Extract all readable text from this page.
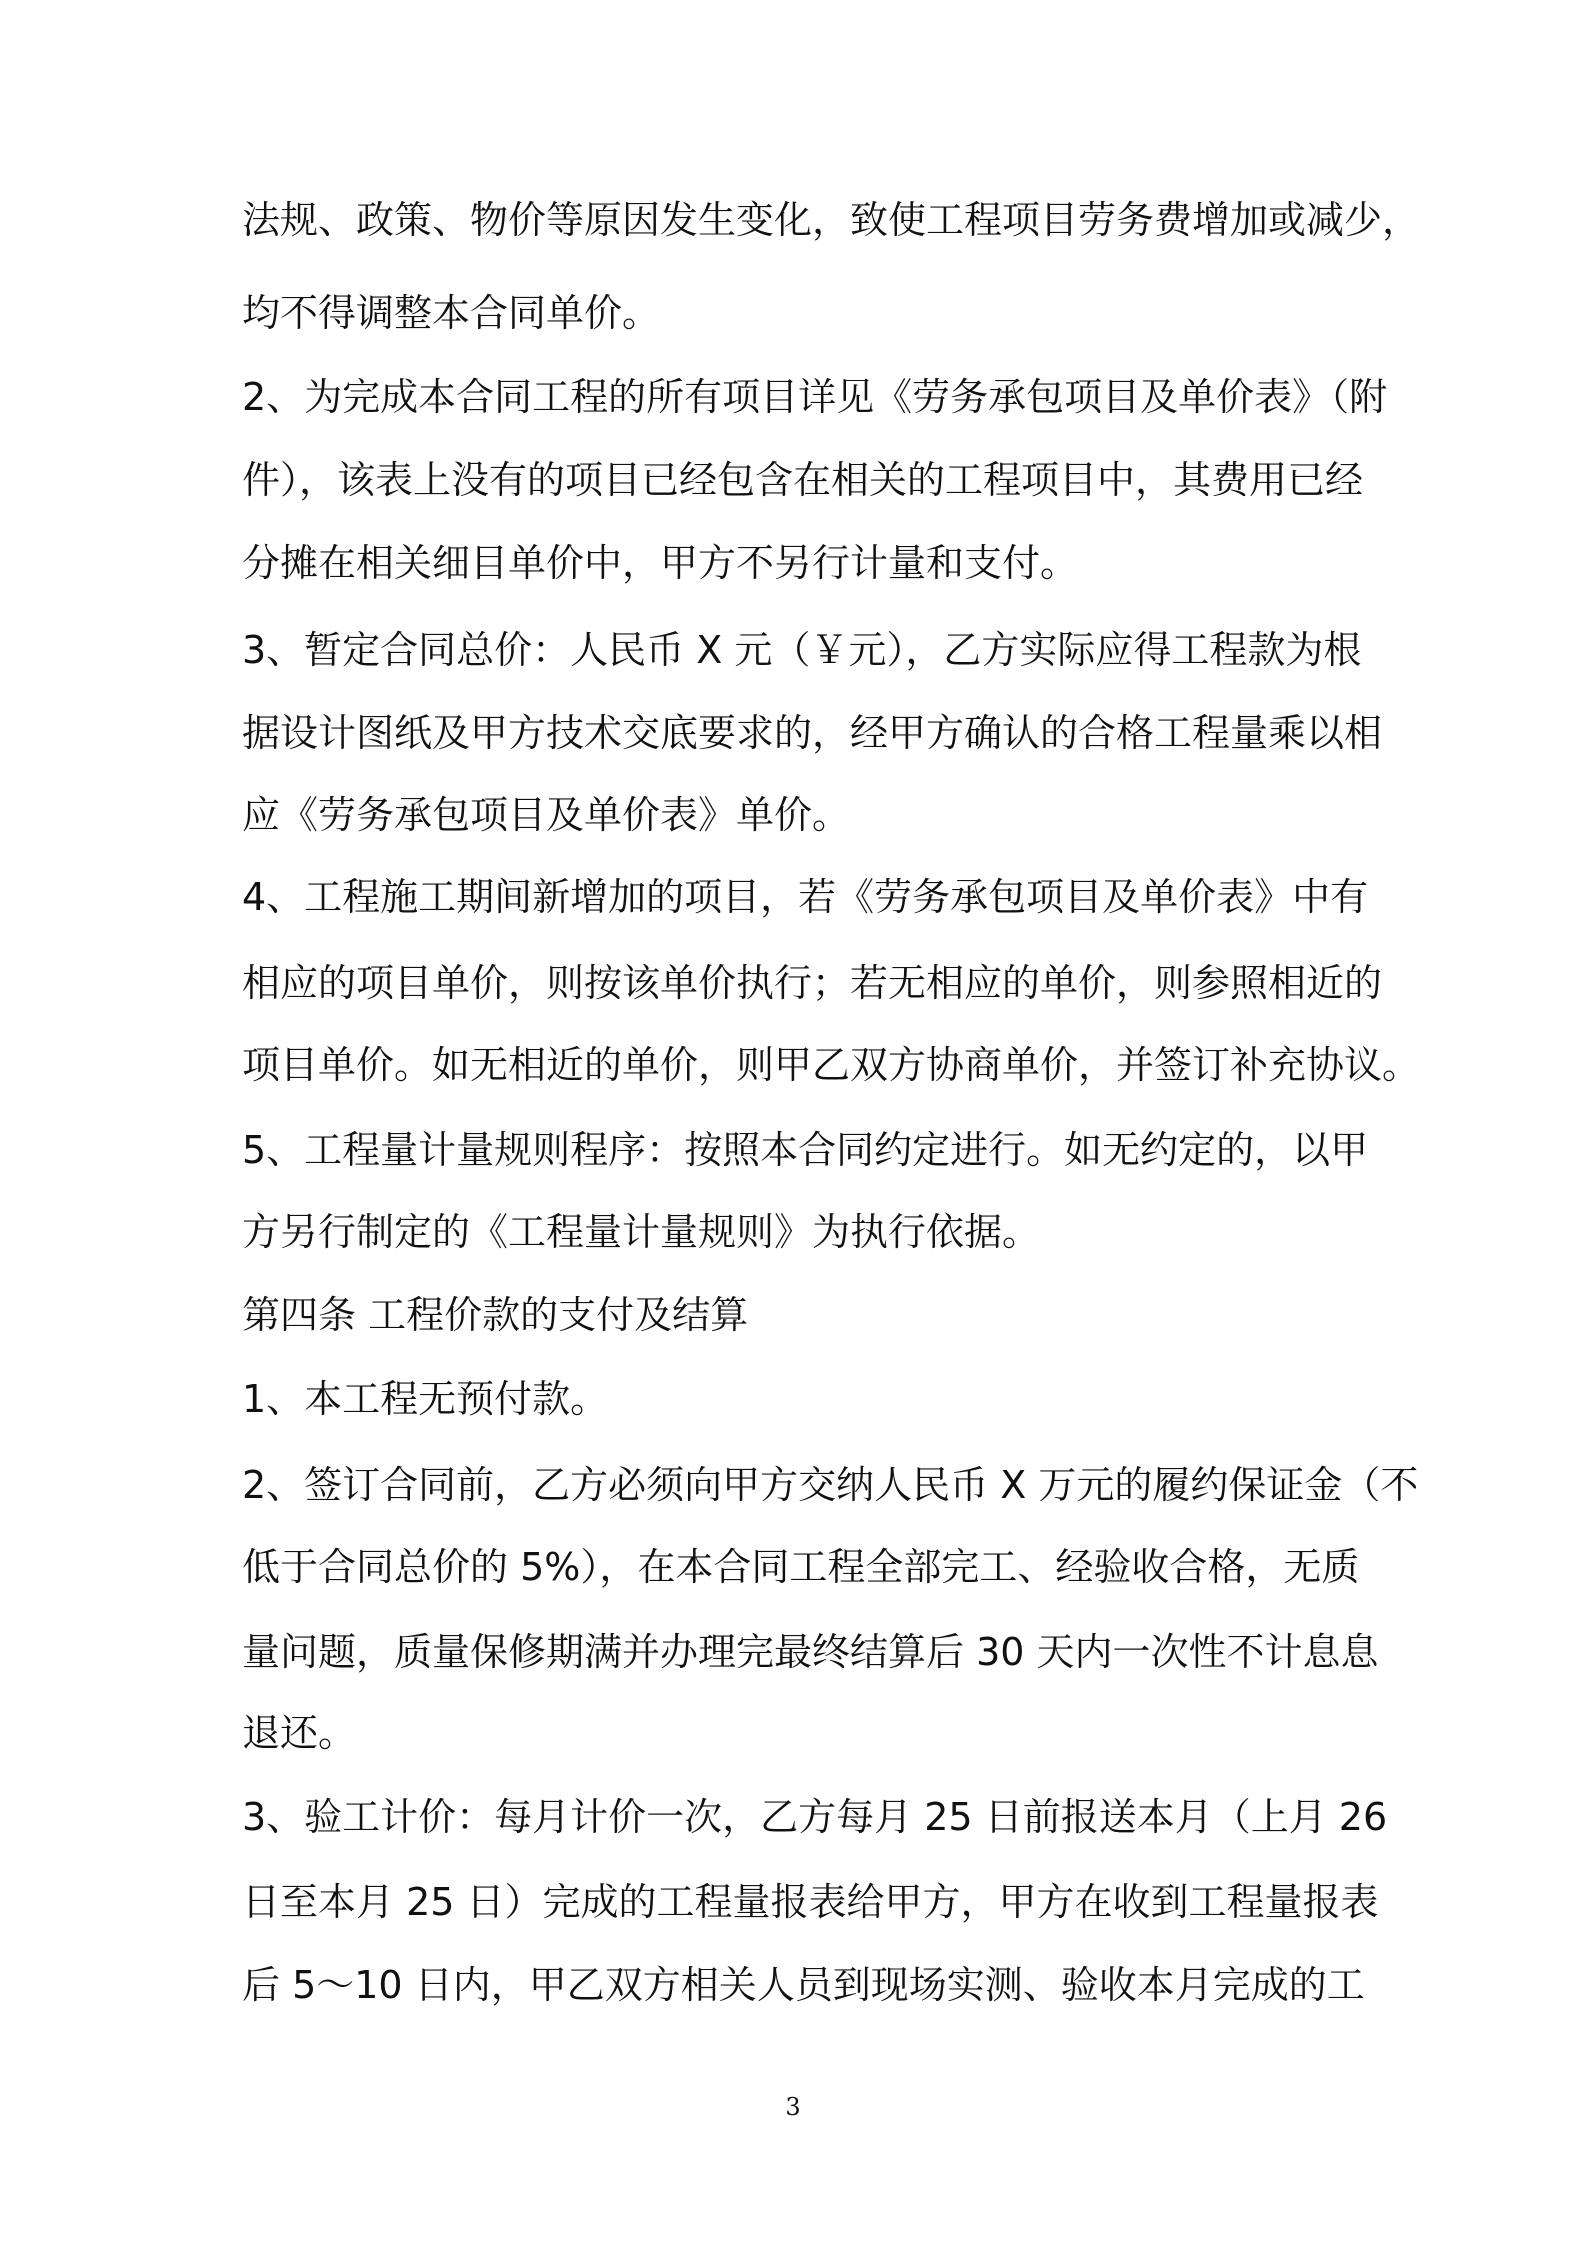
法规、政策、物价等原因发生变化，致使工程项目劳务费增加或减少，
均不得调整本合同单价。
2、为完成本合同工程的所有项目详见《劳务承包项目及单价表》（附
件），该表上没有的项目已经包含在相关的工程项目中，其费用已经
分摊在相关细目单价中，甲方不另行计量和支付。
3、暂定合同总价：人民币 X 元（￥元），乙方实际应得工程款为根
据设计图纸及甲方技术交底要求的，经甲方确认的合格工程量乘以相
应《劳务承包项目及单价表》单价。
4、工程施工期间新增加的项目，若《劳务承包项目及单价表》中有
相应的项目单价，则按该单价执行；若无相应的单价，则参照相近的
项目单价。如无相近的单价，则甲乙双方协商单价，并签订补充协议。
5、工程量计量规则程序：按照本合同约定进行。如无约定的，以甲
方另行制定的《工程量计量规则》为执行依据。
第四条 工程价款的支付及结算
1、本工程无预付款。
2、签订合同前，乙方必须向甲方交纳人民币 X 万元的履约保证金（不
低于合同总价的 5%），在本合同工程全部完工、经验收合格，无质
量问题，质量保修期满并办理完最终结算后 30 天内一次性不计息息
退还。
3、验工计价：每月计价一次，乙方每月 25 日前报送本月（上月 26
日至本月 25 日）完成的工程量报表给甲方，甲方在收到工程量报表
后 5～10 日内，甲乙双方相关人员到现场实测、验收本月完成的工
3
